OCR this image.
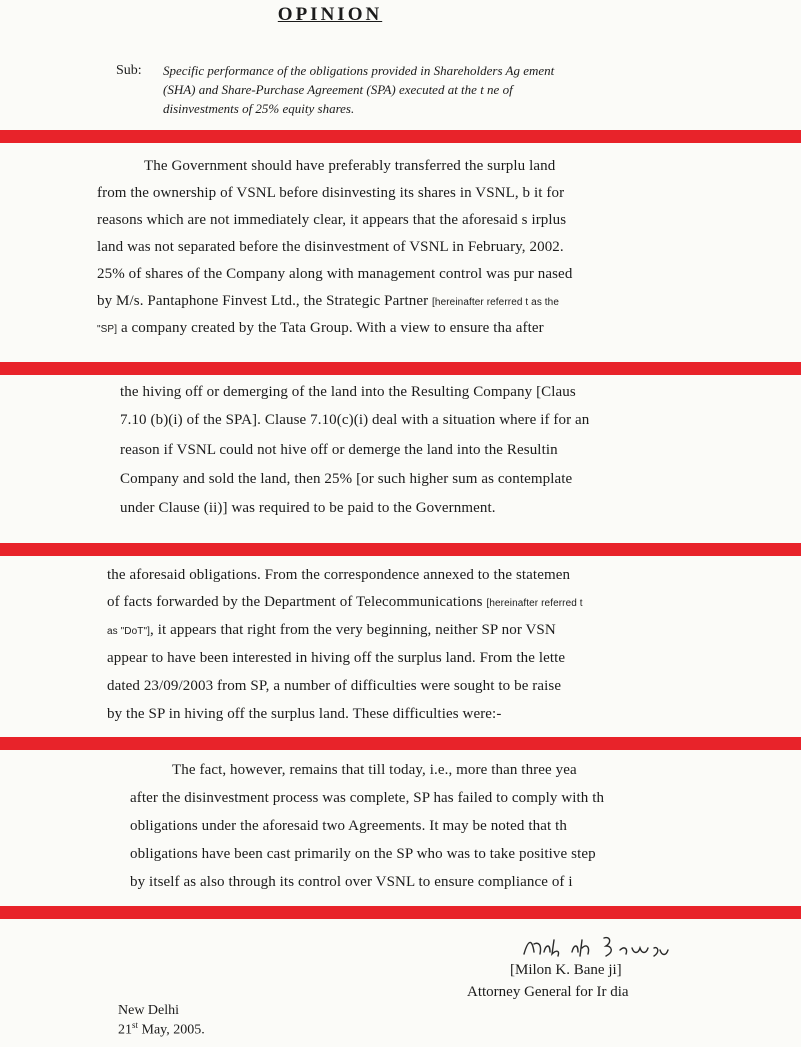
OPINION
Sub: Specific performance of the obligations provided in Shareholders Ag ement
(SHA) and Share-Purchase Agreement (SPA) executed at the t ne of
disinvestments of 25% equity shares.
The Government should have preferably transferred the surplu land
from the ownership of VSNL before disinvesting its shares in VSNL, b it for
reasons which are not immediately clear, it appears that the aforesaid s irplus
land was not separated before the disinvestment of VSNL in February, 2002.
25% of shares of the Company along with management control was pur nased
by M/s. Pantaphone Finvest Ltd., the Strategic Partner [hereinafter referred t as the
"SP] a company created by the Tata Group. With a view to ensure tha after
the hiving off or demerging of the land into the Resulting Company [Claus
7.10 (b)(i) of the SPA]. Clause 7.10(c)(i) deal with a situation where if for an
reason if VSNL could not hive off or demerge the land into the Resultin
Company and sold the land, then 25% [or such higher sum as contemplate
under Clause (ii)] was required to be paid to the Government.
the aforesaid obligations. From the correspondence annexed to the statemen
of facts forwarded by the Department of Telecommunications [hereinafter referred t
as "DoT"], it appears that right from the very beginning, neither SP nor VSN
appear to have been interested in hiving off the surplus land. From the lette
dated 23/09/2003 from SP, a number of difficulties were sought to be raise
by the SP in hiving off the surplus land. These difficulties were:-
The fact, however, remains that till today, i.e., more than three yea
after the disinvestment process was complete, SP has failed to comply with th
obligations under the aforesaid two Agreements. It may be noted that th
obligations have been cast primarily on the SP who was to take positive step
by itself as also through its control over VSNL to ensure compliance of i
[Milon K. Bane ji]
Attorney General for Ir dia
New Delhi
21st May, 2005.
